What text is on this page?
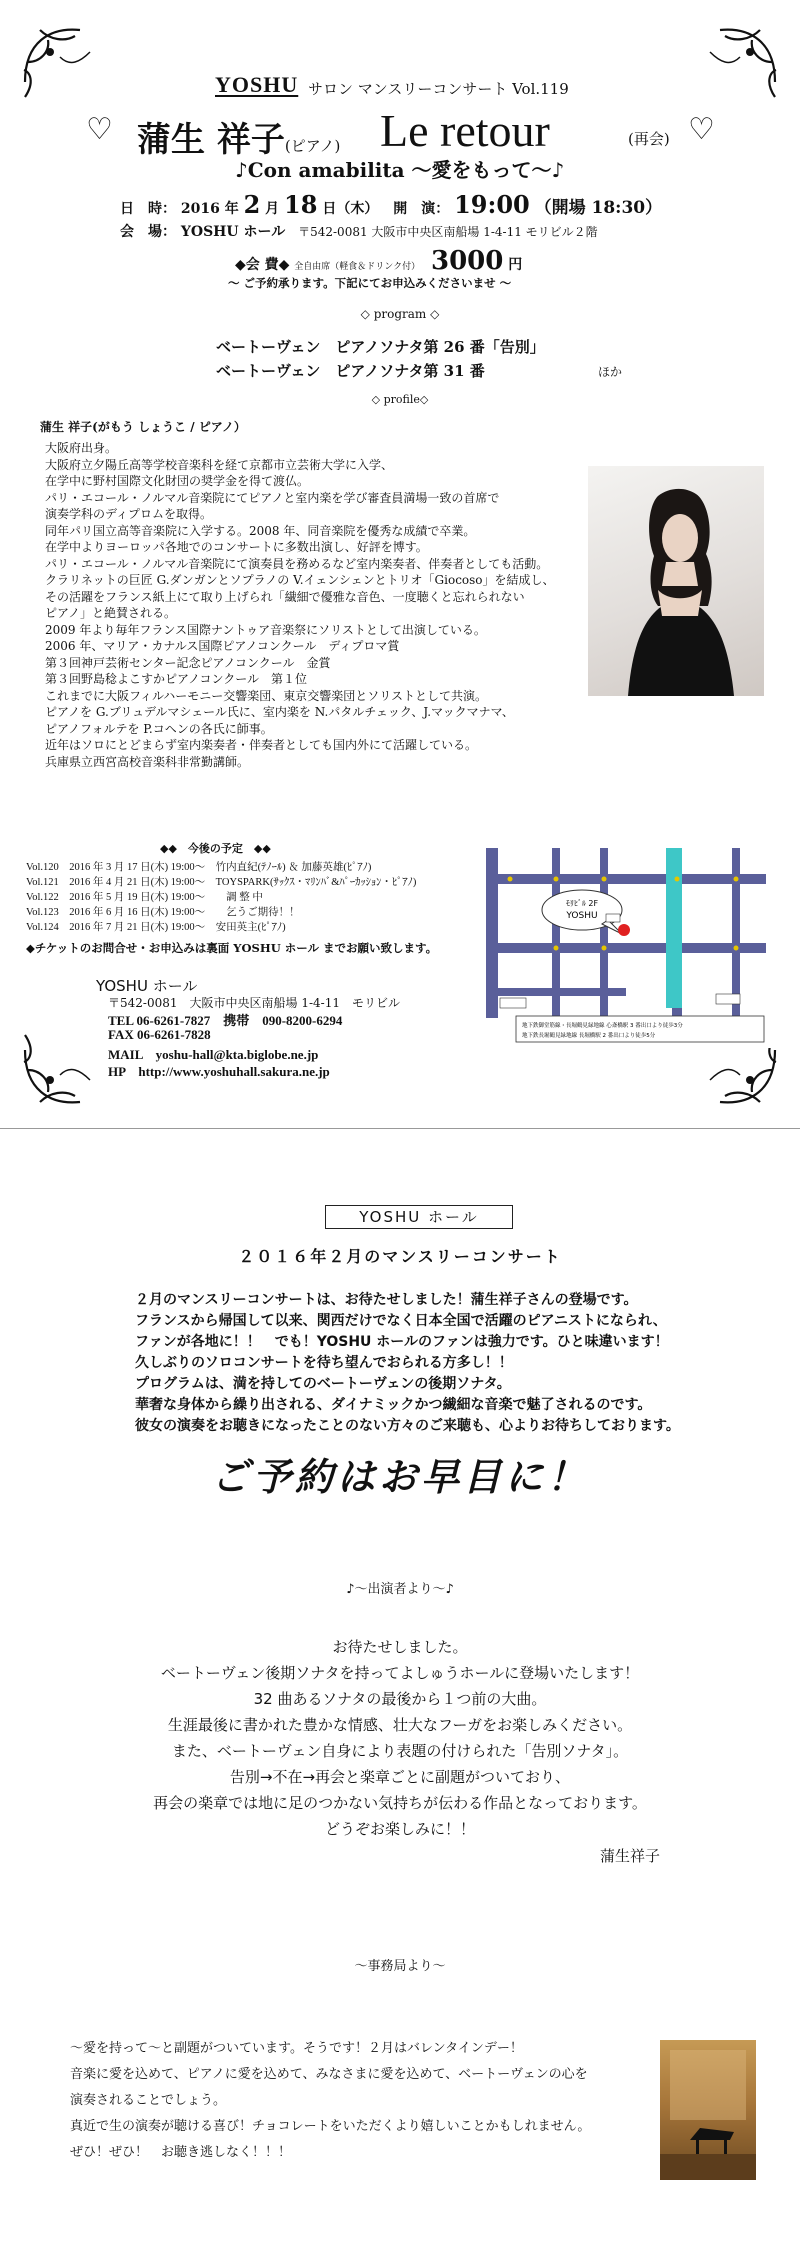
YOSHU サロン マンスリーコンサート Vol.119
♡	♡
蒲生 祥子(ピアノ) Le retour	(再会)
♪Con amabilita ～愛をもって～♪
日　時： 2016 年 2 月 18 日（木） 開　演： 19:00 （開場 18:30）
会　場： YOSHU ホール 〒542-0081 大阪市中央区南船場 1-4-11 モリビル２階
◆会 費◆ 全自由席（軽食＆ドリンク付） 3000 円
～ ご予約承ります。下記にてお申込みくださいませ ～
◇ program ◇
ベートーヴェン　ピアノソナタ第 26 番「告別」
ベートーヴェン　ピアノソナタ第 31 番	ほか
◇ profile◇
蒲生 祥子(がもう しょうこ / ピアノ）
大阪府出身。
大阪府立夕陽丘高等学校音楽科を経て京都市立芸術大学に入学、
在学中に野村国際文化財団の奨学金を得て渡仏。
パリ・エコール・ノルマル音楽院にてピアノと室内楽を学び審査員満場一致の首席で
演奏学科のディプロムを取得。
同年パリ国立高等音楽院に入学する。2008 年、同音楽院を優秀な成績で卒業。
在学中よりヨーロッパ各地でのコンサートに多数出演し、好評を博す。
パリ・エコール・ノルマル音楽院にて演奏員を務めるなど室内楽奏者、伴奏者としても活動。
クラリネットの巨匠 G.ダンガンとソプラノの V.イェンシェンとトリオ「Giocoso」を結成し、
その活躍をフランス紙上にて取り上げられ「繊細で優雅な音色、一度聴くと忘れられない
ピアノ」と絶賛される。
2009 年より毎年フランス国際ナントゥア音楽祭にソリストとして出演している。
2006 年、マリア・カナルス国際ピアノコンクール　ディプロマ賞
第３回神戸芸術センター記念ピアノコンクール　金賞
第３回野島稔よこすかピアノコンクール　第１位
これまでに大阪フィルハーモニー交響楽団、東京交響楽団とソリストとして共演。
ピアノを G.ブリュデルマシェール氏に、室内楽を N.パタルチェック、J.マックマナマ、
ピアノフォルテを P.コヘンの各氏に師事。
近年はソロにとどまらず室内楽奏者・伴奏者としても国内外にて活躍している。
兵庫県立西宮高校音楽科非常勤講師。
◆◆　今後の予定　◆◆
Vol.120　2016 年 3 月 17 日(木) 19:00～　竹内直紀(ﾃﾉｰﾙ) ＆ 加藤英雄(ﾋﾟｱﾉ)
Vol.121　2016 年 4 月 21 日(木) 19:00～　TOYSPARK(ｻｯｸｽ・ﾏﾘﾝﾊﾞ&ﾊﾟｰｶｯｼｮﾝ・ﾋﾟｱﾉ)
Vol.122　2016 年 5 月 19 日(木) 19:00～　　調 整 中
Vol.123　2016 年 6 月 16 日(木) 19:00～　　乞うご期待！！
Vol.124　2016 年 7 月 21 日(木) 19:00～　安田英主(ﾋﾟｱﾉ)
◆チケットのお問合せ・お申込みは裏面 YOSHU ホール までお願い致します。
YOSHU ホール
〒542-0081　大阪市中央区南船場 1-4-11　モリビル
TEL 06-6261-7827　携帯　090-8200-6294
FAX 06-6261-7828
MAIL　yoshu-hall@kta.biglobe.ne.jp
HP　http://www.yoshuhall.sakura.ne.jp
ﾓﾘﾋﾞﾙ 2F
YOSHU
地下鉄御堂筋線・長堀鶴見緑地線 心斎橋駅 3 番出口より徒歩3分
地下鉄長堀鶴見緑地線 長堀橋駅 2 番出口より徒歩5分
YOSHU ホール
２０１６年２月のマンスリーコンサート
２月のマンスリーコンサートは、お待たせしました！蒲生祥子さんの登場です。
フランスから帰国して以来、関西だけでなく日本全国で活躍のピアニストになられ、
ファンが各地に！！　でも！YOSHU ホールのファンは強力です。ひと味違います！
久しぶりのソロコンサートを待ち望んでおられる方多し！！
プログラムは、満を持してのベートーヴェンの後期ソナタ。
華奢な身体から繰り出される、ダイナミックかつ繊細な音楽で魅了されるのです。
彼女の演奏をお聴きになったことのない方々のご来聴も、心よりお待ちしております。
ご予約はお早目に！
♪～出演者より～♪
お待たせしました。
ベートーヴェン後期ソナタを持ってよしゅうホールに登場いたします！
32 曲あるソナタの最後から１つ前の大曲。
生涯最後に書かれた豊かな情感、壮大なフーガをお楽しみください。
また、ベートーヴェン自身により表題の付けられた「告別ソナタ」。
告別→不在→再会と楽章ごとに副題がついており、
再会の楽章では地に足のつかない気持ちが伝わる作品となっております。
どうぞお楽しみに！！
蒲生祥子
～事務局より～
～愛を持って～と副題がついています。そうです！２月はバレンタインデー！
音楽に愛を込めて、ピアノに愛を込めて、みなさまに愛を込めて、ベートーヴェンの心を
演奏されることでしょう。
真近で生の演奏が聴ける喜び！チョコレートをいただくより嬉しいことかもしれません。
ぜひ！ぜひ！　お聴き逃しなく！！！
